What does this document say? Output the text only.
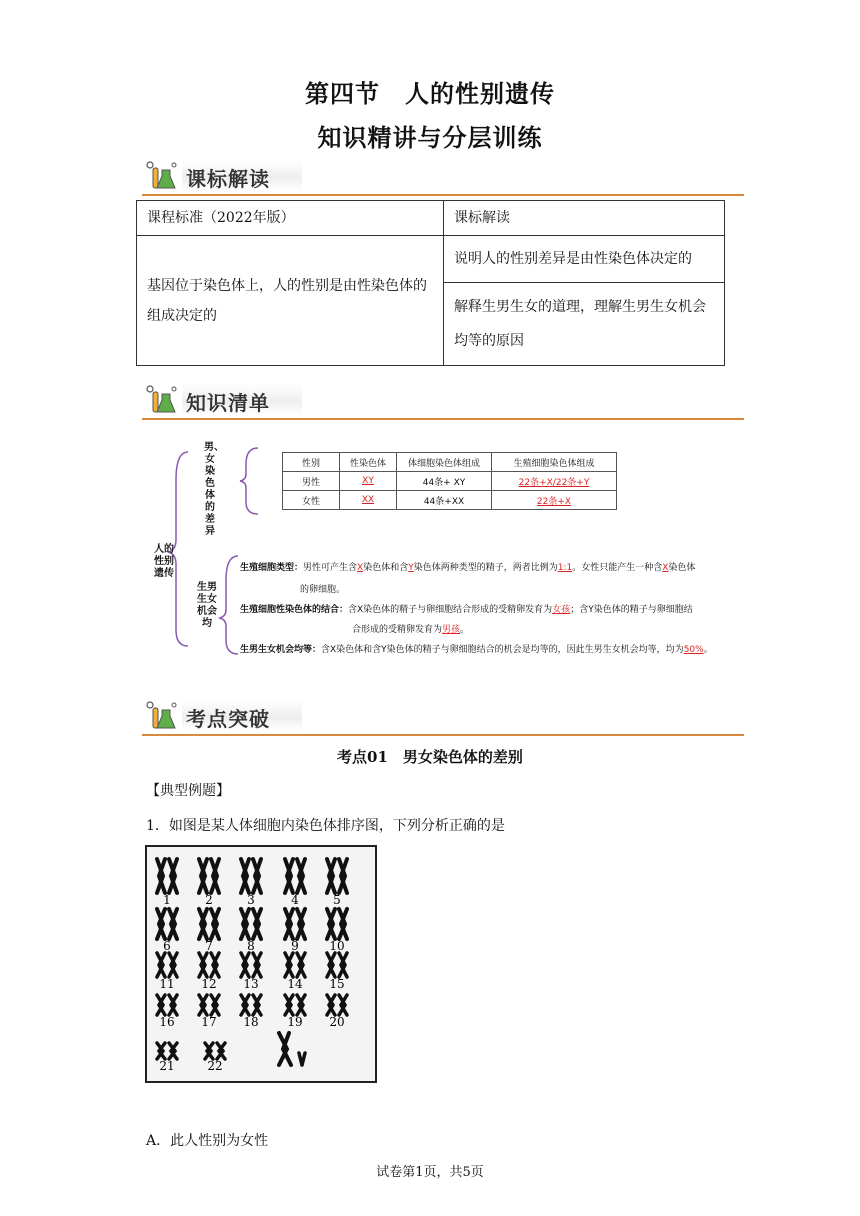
第四节　人的性别遗传
知识精讲与分层训练
课标解读
课程标准（2022年版）	课标解读
基因位于染色体上，人的性别是由性染色体的组成决定的	说明人的性别差异是由性染色体决定的
	解释生男生女的道理，理解生男生女机会均等的原因
知识清单
人的性别遗传
男、女染色体的差异
生男生女机会均
性别	性染色体	体细胞染色体组成	生殖细胞染色体组成
男性	XY	44条+ XY	22条+X/22条+Y
女性	XX	44条+XX	22条+X
生殖细胞类型：男性可产生含X染色体和含Y染色体两种类型的精子，两者比例为1:1。女性只能产生一种含X染色体
的卵细胞。
生殖细胞性染色体的结合：含X染色体的精子与卵细胞结合形成的受精卵发育为女孩；含Y染色体的精子与卵细胞结
合形成的受精卵发育为男孩。
生男生女机会均等：含X染色体和含Y染色体的精子与卵细胞结合的机会是均等的，因此生男生女机会均等，均为50%。
考点突破
考点01　男女染色体的差别
【典型例题】
1．如图是某人体细胞内染色体排序图，下列分析正确的是
1	2	3	4	5
6	7	8	9	10
11 12 13 14 15
16 17 18 19 20
21	22
A．此人性别为女性
试卷第1页，共5页
